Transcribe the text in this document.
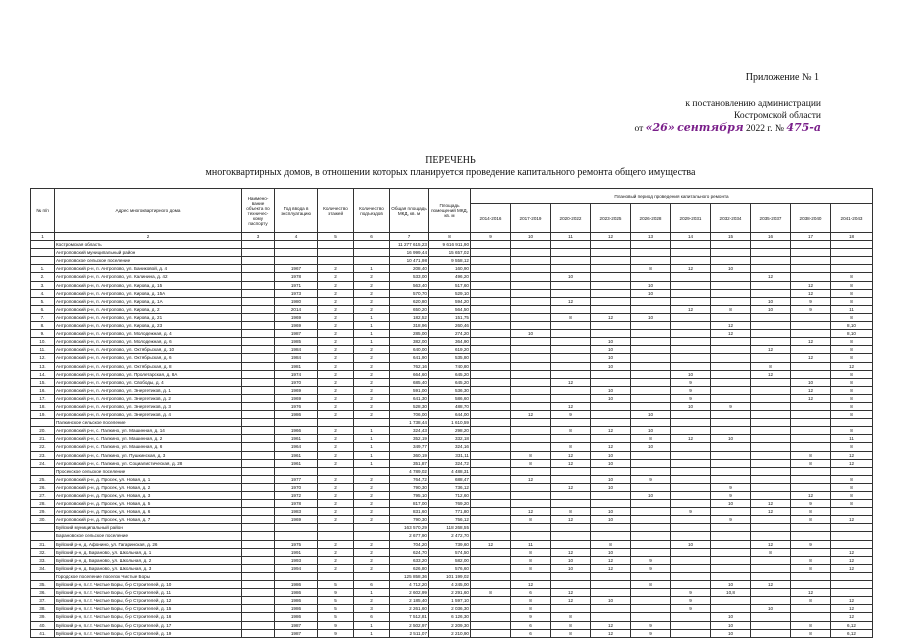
Приложение № 1
к постановлению администрации
Костромской области
от «26» сентября 2022 г. № 475-а
ПЕРЕЧЕНЬ
многоквартирных домов, в отношении которых планируется проведение капитального ремонта общего имущества
№ п/п	Адрес многоквартирного дома	Наимено-вание объекта по техничес-кому паспорту	Год ввода в эксплуатацию	Количество этажей	Количество подъездов	Общая площадь МКД, кв. м	Площадь помещений МКД, кв. м	Плановый период проведения капитального ремонта									
								2014-2016	2017-2019	2020-2022	2023-2025	2026-2028	2029-2031	2032-2034	2035-2037	2038-2040	2041-2043
1	2	3	4	5	6	7	8	9	10	11	12	13	14	15	16	17	18
	Костромская область					11 277 615,23	9 616 911,90										
	Антроповский муниципальный район					16 999,44	15 657,02										
	Антроповское сельское поселение					10 471,98	9 558,12										
1.	Антроповский р-н, п. Антропово, ул. Баниковой, д. 4		1967	2	1	208,40	160,90					8	12	10			
2.	Антроповский р-н, п. Антропово, ул. Калинина, д. 42		1978	2	2	533,00	496,20			10					12		8
3.	Антроповский р-н, п. Антропово, ул. Кирова, д. 15		1971	2	2	563,40	517,60					10				12	8
4.	Антроповский р-н, п. Антропово, ул. Кирова, д. 15А		1973	2	2	570,70	529,10					10				12	8
5.	Антроповский р-н, п. Антропово, ул. Кирова, д. 1А		1980	2	2	620,80	594,20			12					10	9	8
6.	Антроповский р-н, п. Антропово, ул. Кирова, д. 2		2014	2	2	650,20	564,50						12	8	10	9	11
7.	Антроповский р-н, п. Антропово, ул. Кирова, д. 21		1969	2	1	182,52	151,75			8	12	10					8
8.	Антроповский р-н, п. Антропово, ул. Кирова, д. 23		1969	2	1	318,96	260,46							12			8,10
9.	Антроповский р-н, п. Антропово, ул. Молодежная, д. 4		1987	2	1	285,00	274,20		10					12			8,10
10.	Антроповский р-н, п. Антропово, ул. Молодежная, д. 6		1985	2	1	382,00	364,90				10					12	8
11.	Антроповский р-н, п. Антропово, ул. Октябрьская, д. 10		1984	2	2	640,00	619,20				10				12		8
12.	Антроповский р-н, п. Антропово, ул. Октябрьская, д. 6		1984	2	2	641,90	535,80				10					12	8
13.	Антроповский р-н, п. Антропово, ул. Октябрьская, д. 8		1981	2	2	762,16	740,80				10				8		12
14.	Антроповский р-н, п. Антропово, ул. Пролетарская, д. 8А		1974	2	2	664,60	645,20						10		12		8
15.	Антроповский р-н, п. Антропово, ул. Свободы, д. 4		1970	2	2	685,40	645,20			12			9			10	8
16.	Антроповский р-н, п. Антропово, ул. Энергетиков, д. 1		1969	2	2	591,00	536,30				10		9			12	8
17.	Антроповский р-н, п. Антропово, ул. Энергетиков, д. 2		1969	2	2	641,30	586,60				10		9			12	8
18.	Антроповский р-н, п. Антропово, ул. Энергетиков, д. 3		1976	2	2	528,30	488,70			12			10	9			8
19.	Антроповский р-н, п. Антропово, ул. Энергетиков, д. 4		1986	2	2	706,00	644,00		12	9		10					8
	Палкинское сельское поселение					1 738,44	1 610,59										
20.	Антроповский р-н, с. Палкино, ул. Машинная, д. 14		1966	2	1	324,43	298,20			8	12	10					8
21.	Антроповский р-н, с. Палкино, ул. Машинная, д. 2		1961	2	1	352,19	332,18					8	12	10			11
22.	Антроповский р-н, с. Палкино, ул. Машинная, д. 6		1964	2	1	349,77	324,16			8	12	10					8
23.	Антроповский р-н, с. Палкино, ул. Пушкинская, д. 3		1961	2	1	360,19	331,11		8	12	10					8	12
24.	Антроповский р-н, с. Палкино, ул. Социалистическая, д. 28		1961	2	1	351,87	324,72		8	12	10					8	12
	Просекское сельское поселение					4 789,02	4 488,31										
25.	Антроповский р-н, д. Просек, ул. Новая, д. 1		1977	2	2	764,72	688,47		12		10	9					8
26.	Антроповский р-н, д. Просек, ул. Новая, д. 2		1970	2	2	790,30	736,12			12	10			9			8
27.	Антроповский р-н, д. Просек, ул. Новая, д. 3		1972	2	2	795,10	712,60					10		9		12	8
28.	Антроповский р-н, д. Просек, ул. Новая, д. 5		1978	2	2	817,00	769,20							10	12	9	8
29.	Антроповский р-н, д. Просек, ул. Новая, д. 6		1983	2	2	831,60	771,80		12	8	10		9		12	8	
30.	Антроповский р-н, д. Просек, ул. Новая, д. 7		1969	2	2	790,30	756,12		8	12	10			9		8	12
	Буйский муниципальный район					163 570,29	118 268,55										
	Барановское сельское поселение					2 677,90	2 472,70										
31.	Буйский р-н, д. Афонино, ул. Гагаринская, д. 26		1975	2	2	704,20	739,60	12	11		8		10		12	9	
32.	Буйский р-н, д. Бараново, ул. Школьная, д. 1		1991	2	2	624,70	574,50		8	12	10				8		12
33.	Буйский р-н, д. Бараново, ул. Школьная, д. 2		1993	2	2	633,20	582,00		8	10	12	9				8	12
34.	Буйский р-н, д. Бараново, ул. Школьная, д. 3		1994	2	2	626,80	576,60		8	10	12	9				8	12
	Городское поселение поселок Чистые Боры					125 858,36	101 199,02										
35.	Буйский р-н, п.г.т. Чистые Боры, б-р Строителей, д. 10		1986	5	6	4 712,20	4 245,00		12			8		10	12		
36.	Буйский р-н, п.г.т. Чистые Боры, б-р Строителей, д. 11		1986	9	1	2 602,99	2 291,60	8	6	12			9	10,8		12	
37.	Буйский р-н, п.г.т. Чистые Боры, б-р Строителей, д. 12		1986	5	2	2 185,40	1 597,10		8	12	10		9			8	12
38.	Буйский р-н, п.г.т. Чистые Боры, б-р Строителей, д. 15		1986	5	3	2 261,60	2 036,30		8				9		10		12
39.	Буйский р-н, п.г.т. Чистые Боры, б-р Строителей, д. 16		1986	5	6	7 512,81	6 126,30		9	8				10			12
40.	Буйский р-н, п.г.т. Чистые Боры, б-р Строителей, д. 17		1987	9	1	2 502,97	2 209,30		6	8	12	9		10		8	6,12
41.	Буйский р-н, п.г.т. Чистые Боры, б-р Строителей, д. 19		1987	9	1	2 511,07	2 210,90		6	8	12	9		10		8	6,12
